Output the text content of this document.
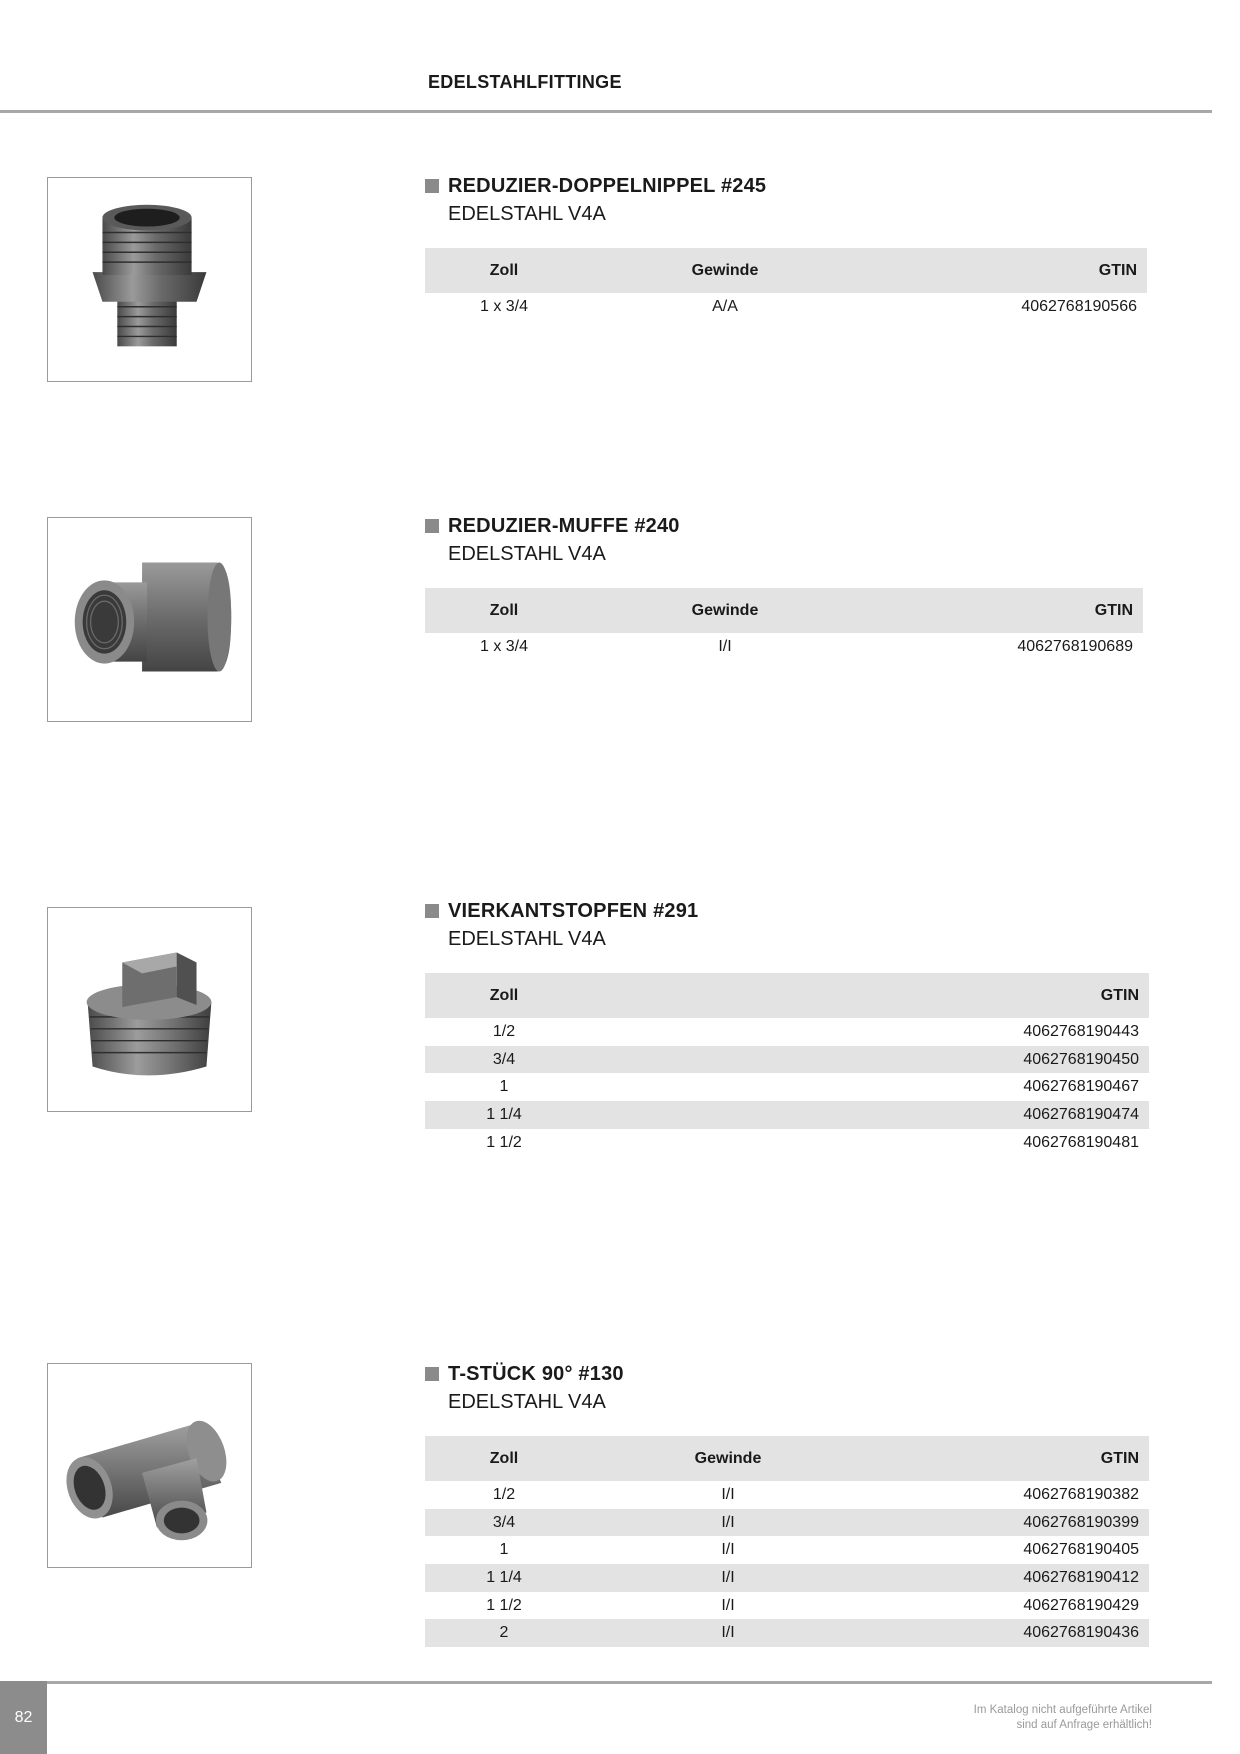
EDELSTAHLFITTINGE
REDUZIER-DOPPELNIPPEL #245
EDELSTAHL V4A
Zoll	Gewinde	GTIN
1 x 3/4	A/A	4062768190566
REDUZIER-MUFFE #240
EDELSTAHL V4A
Zoll	Gewinde	GTIN
1 x 3/4	I/I	4062768190689
VIERKANTSTOPFEN #291
EDELSTAHL V4A
Zoll	GTIN
1/2	4062768190443
3/4	4062768190450
1	4062768190467
1 1/4	4062768190474
1 1/2	4062768190481
T-STÜCK 90° #130
EDELSTAHL V4A
Zoll	Gewinde	GTIN
1/2	I/I	4062768190382
3/4	I/I	4062768190399
1	I/I	4062768190405
1 1/4	I/I	4062768190412
1 1/2	I/I	4062768190429
2	I/I	4062768190436
82	Im Katalog nicht aufgeführte Artikel
sind auf Anfrage erhältlich!
